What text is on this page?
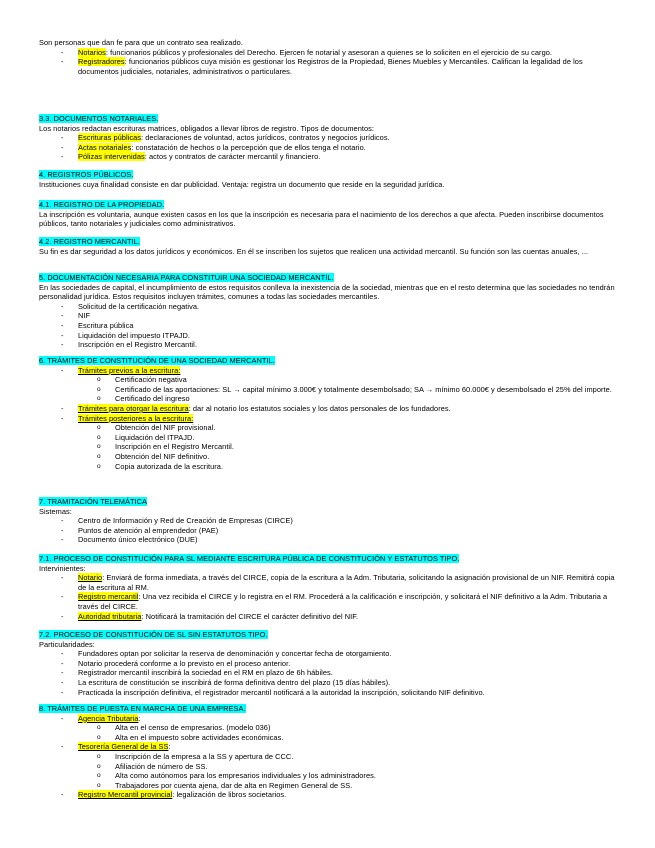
Son personas que dan fe para que un contrato sea realizado.
- Notarios: funcionarios públicos y profesionales del Derecho. Ejercen fe notarial y asesoran a quienes se lo soliciten en el ejercicio de su cargo.
- Registradores: funcionarios públicos cuya misión es gestionar los Registros de la Propiedad, Bienes Muebles y Mercantiles. Califican la legalidad de los documentos judiciales, notariales, administrativos o particulares.
3.3. DOCUMENTOS NOTARIALES.
Los notarios redactan escrituras matrices, obligados a llevar libros de registro. Tipos de documentos:
- Escrituras públicas: declaraciones de voluntad, actos jurídicos, contratos y negocios jurídicos.
- Actas notariales: constatación de hechos o la percepción que de ellos tenga el notario.
- Pólizas intervenidas: actos y contratos de carácter mercantil y financiero.
4. REGISTROS PÚBLICOS.
Instituciones cuya finalidad consiste en dar publicidad. Ventaja: registra un documento que reside en la seguridad jurídica.
4.1. REGISTRO DE LA PROPIEDAD.
La inscripción es voluntaria, aunque existen casos en los que la inscripción es necesaria para el nacimiento de los derechos a que afecta. Pueden inscribirse documentos públicos, tanto notariales y judiciales como administrativos.
4.2. REGISTRO MERCANTIL.
Su fin es dar seguridad a los datos jurídicos y económicos. En él se inscriben los sujetos que realicen una actividad mercantil. Su función son las cuentas anuales, ...
5. DOCUMENTACIÓN NECESARIA PARA CONSTITUIR UNA SOCIEDAD MERCANTIL.
En las sociedades de capital, el incumplimiento de estos requisitos conlleva la inexistencia de la sociedad, mientras que en el resto determina que las sociedades no tendrán personalidad jurídica. Estos requisitos incluyen trámites, comunes a todas las sociedades mercantiles.
- Solicitud de la certificación negativa.
- NIF
- Escritura pública
- Liquidación del impuesto ITPAJD.
- Inscripción en el Registro Mercantil.
6. TRÁMITES DE CONSTITUCIÓN DE UNA SOCIEDAD MERCANTIL.
- Trámites previos a la escritura:
o Certificación negativa
o Certificado de las aportaciones: SL → capital mínimo 3.000€ y totalmente desembolsado; SA → mínimo 60.000€ y desembolsado el 25% del importe.
o Certificado del ingreso
- Trámites para otorgar la escritura: dar al notario los estatutos sociales y los datos personales de los fundadores.
- Trámites posteriores a la escritura:
o Obtención del NIF provisional.
o Liquidación del ITPAJD.
o Inscripción en el Registro Mercantil.
o Obtención del NIF definitivo.
o Copia autorizada de la escritura.
7. TRAMITACIÓN TELEMÁTICA
Sistemas:
- Centro de Información y Red de Creación de Empresas (CIRCE)
- Puntos de atención al emprendedor (PAE)
- Documento único electrónico (DUE)
7.1. PROCESO DE CONSTITUCIÓN PARA SL MEDIANTE ESCRITURA PÚBLICA DE CONSTITUCIÓN Y ESTATUTOS TIPO.
Intervinientes:
- Notario: Enviará de forma inmediata, a través del CIRCE, copia de la escritura a la Adm. Tributaria, solicitando la asignación provisional de un NIF. Remitirá copia de la escritura al RM.
- Registro mercantil: Una vez recibida el CIRCE y lo registra en el RM. Procederá a la calificación e inscripción, y solicitará el NIF definitivo a la Adm. Tributaria a través del CIRCE.
- Autoridad tributaria: Notificará la tramitación del CIRCE el carácter definitivo del NIF.
7.2. PROCESO DE CONSTITUCIÓN DE SL SIN ESTATUTOS TIPO.
Particularidades:
- Fundadores optan por solicitar la reserva de denominación y concertar fecha de otorgamiento.
- Notario procederá conforme a lo previsto en el proceso anterior.
- Registrador mercantil inscribirá la sociedad en el RM en plazo de 6h hábiles.
- La escritura de constitución se inscribirá de forma definitiva dentro del plazo (15 días hábiles).
- Practicada la inscripción definitiva, el registrador mercantil notificará a la autoridad la inscripción, solicitando NIF definitivo.
8. TRÁMITES DE PUESTA EN MARCHA DE UNA EMPRESA.
- Agencia Tributaria:
o Alta en el censo de empresarios. (modelo 036)
o Alta en el impuesto sobre actividades económicas.
- Tesorería General de la SS:
o Inscripción de la empresa a la SS y apertura de CCC.
o Afiliación de número de SS.
o Alta como autónomos para los empresarios individuales y los administradores.
o Trabajadores por cuenta ajena, dar de alta en Regimen General de SS.
- Registro Mercantil provincial: legalización de libros societarios.
